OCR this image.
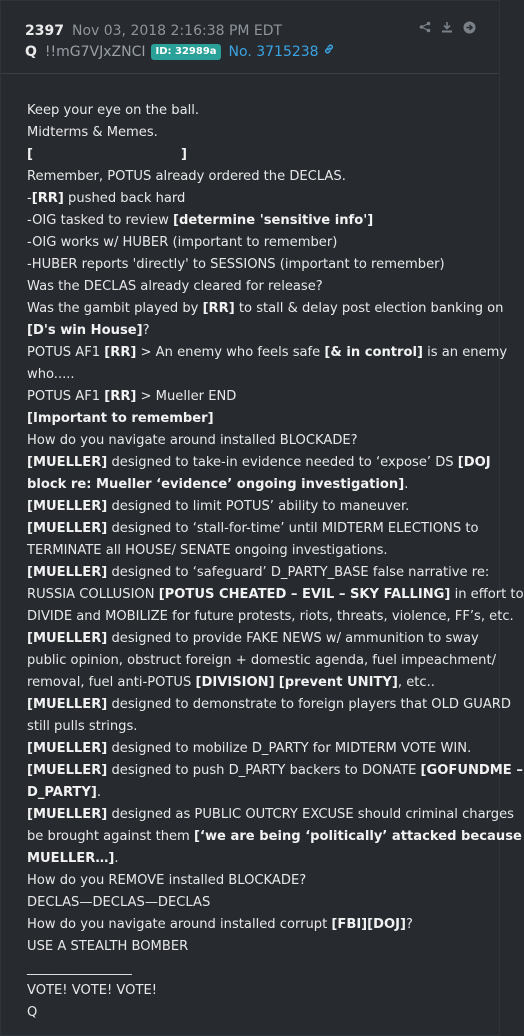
2397 Nov 03, 2018 2:16:38 PM EDT
Q !!mG7VJxZNCI	ID: 32989a No. 3715238
Keep your eye on the ball.
Midterms & Memes.
[	]
Remember, POTUS already ordered the DECLAS.
-[RR] pushed back hard
-OIG tasked to review [determine 'sensitive info']
-OIG works w/ HUBER (important to remember)
-HUBER reports 'directly' to SESSIONS (important to remember)
Was the DECLAS already cleared for release?
Was the gambit played by [RR] to stall & delay post election banking on
[D's win House]?
POTUS AF1 [RR] > An enemy who feels safe [& in control] is an enemy
who.....
POTUS AF1 [RR] > Mueller END
[Important to remember]
How do you navigate around installed BLOCKADE?
[MUELLER] designed to take-in evidence needed to ‘expose’ DS [DOJ
block re: Mueller ‘evidence’ ongoing investigation].
[MUELLER] designed to limit POTUS’ ability to maneuver.
[MUELLER] designed to ‘stall-for-time’ until MIDTERM ELECTIONS to
TERMINATE all HOUSE/ SENATE ongoing investigations.
[MUELLER] designed to ‘safeguard’ D_PARTY_BASE false narrative re:
RUSSIA COLLUSION [POTUS CHEATED – EVIL – SKY FALLING] in effort to
DIVIDE and MOBILIZE for future protests, riots, threats, violence, FF’s, etc.
[MUELLER] designed to provide FAKE NEWS w/ ammunition to sway
public opinion, obstruct foreign + domestic agenda, fuel impeachment/
removal, fuel anti-POTUS [DIVISION] [prevent UNITY], etc..
[MUELLER] designed to demonstrate to foreign players that OLD GUARD
still pulls strings.
[MUELLER] designed to mobilize D_PARTY for MIDTERM VOTE WIN.
[MUELLER] designed to push D_PARTY backers to DONATE [GOFUNDME –
D_PARTY].
[MUELLER] designed as PUBLIC OUTCRY EXCUSE should criminal charges
be brought against them [‘we are being ‘politically’ attacked because
MUELLER…].
How do you REMOVE installed BLOCKADE?
DECLAS—DECLAS—DECLAS
How do you navigate around installed corrupt [FBI][DOJ]?
USE A STEALTH BOMBER
________________
VOTE! VOTE! VOTE!
Q
